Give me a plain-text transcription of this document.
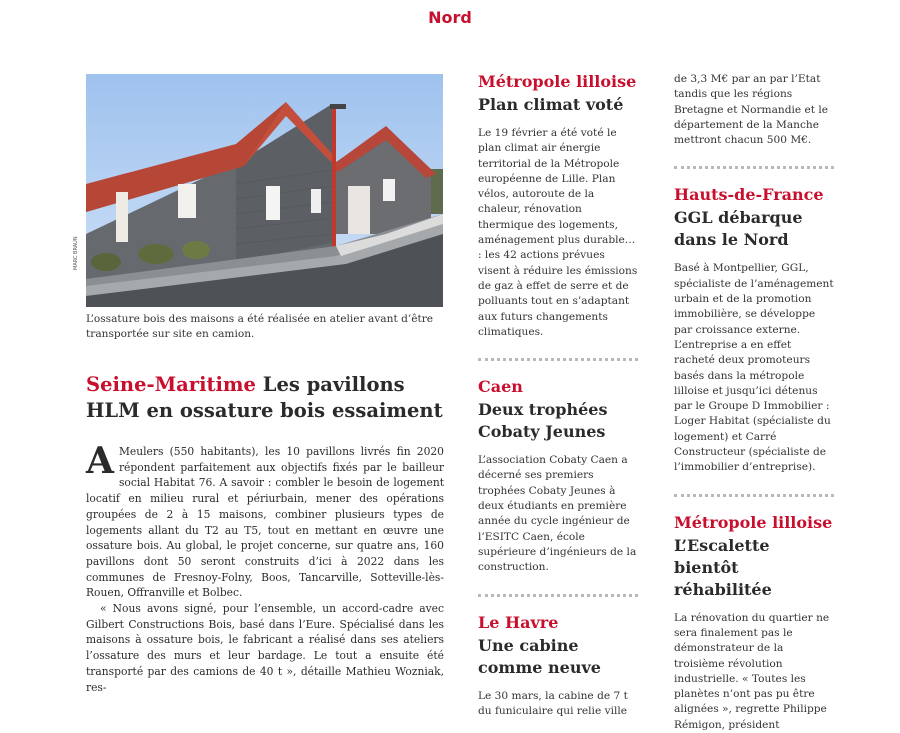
Nord
MARC BRAUN
L’ossature bois des maisons a été réalisée en atelier avant d’être transportée sur site en camion.
Seine-Maritime Les pavillons HLM en ossature bois essaiment

A Meulers (550 habitants), les 10 pavillons livrés fin 2020 répondent parfaitement aux objectifs fixés par le bailleur social Habitat 76. A savoir : combler le besoin de logement locatif en milieu rural et périurbain, mener des opérations groupées de 2 à 15 maisons, combiner plusieurs types de logements allant du T2 au T5, tout en mettant en œuvre une ossature bois. Au global, le projet concerne, sur quatre ans, 160 pavillons dont 50 seront construits d’ici à 2022 dans les communes de Fresnoy-Folny, Boos, Tancarville, Sotteville-lès-Rouen, Offranville et Bolbec.

« Nous avons signé, pour l’ensemble, un accord-cadre avec Gilbert Constructions Bois, basé dans l’Eure. Spécialisé dans les maisons à ossature bois, le fabricant a réalisé dans ses ateliers l’ossature des murs et leur bardage. Le tout a ensuite été transporté par des camions de 40 t », détaille Mathieu Wozniak, res-

Métropole lilloise
Plan climat voté
Le 19 février a été voté le plan climat air énergie territorial de la Métropole européenne de Lille. Plan vélos, autoroute de la chaleur, rénovation thermique des logements, aménagement plus durable… : les 42 actions prévues visent à réduire les émissions de gaz à effet de serre et de polluants tout en s’adaptant aux futurs changements climatiques.
Caen
Deux trophées Cobaty Jeunes
L’association Cobaty Caen a décerné ses premiers trophées Cobaty Jeunes à deux étudiants en première année du cycle ingénieur de l’ESITC Caen, école supérieure d’ingénieurs de la construction.
Le Havre
Une cabine comme neuve
Le 30 mars, la cabine de 7 t du funiculaire qui relie ville
de 3,3 M€ par an par l’Etat tandis que les régions Bretagne et Normandie et le département de la Manche mettront chacun 500 M€.
Hauts-de-France
GGL débarque dans le Nord
Basé à Montpellier, GGL, spécialiste de l’aménagement urbain et de la promotion immobilière, se développe par croissance externe. L’entreprise a en effet racheté deux promoteurs basés dans la métropole lilloise et jusqu’ici détenus par le Groupe D Immobilier : Loger Habitat (spécialiste du logement) et Carré Constructeur (spécialiste de l’immobilier d’entreprise).
Métropole lilloise
L’Escalette bientôt réhabilitée
La rénovation du quartier ne sera finalement pas le démonstrateur de la troisième révolution industrielle. « Toutes les planètes n’ont pas pu être alignées », regrette Philippe Rémigon, président
